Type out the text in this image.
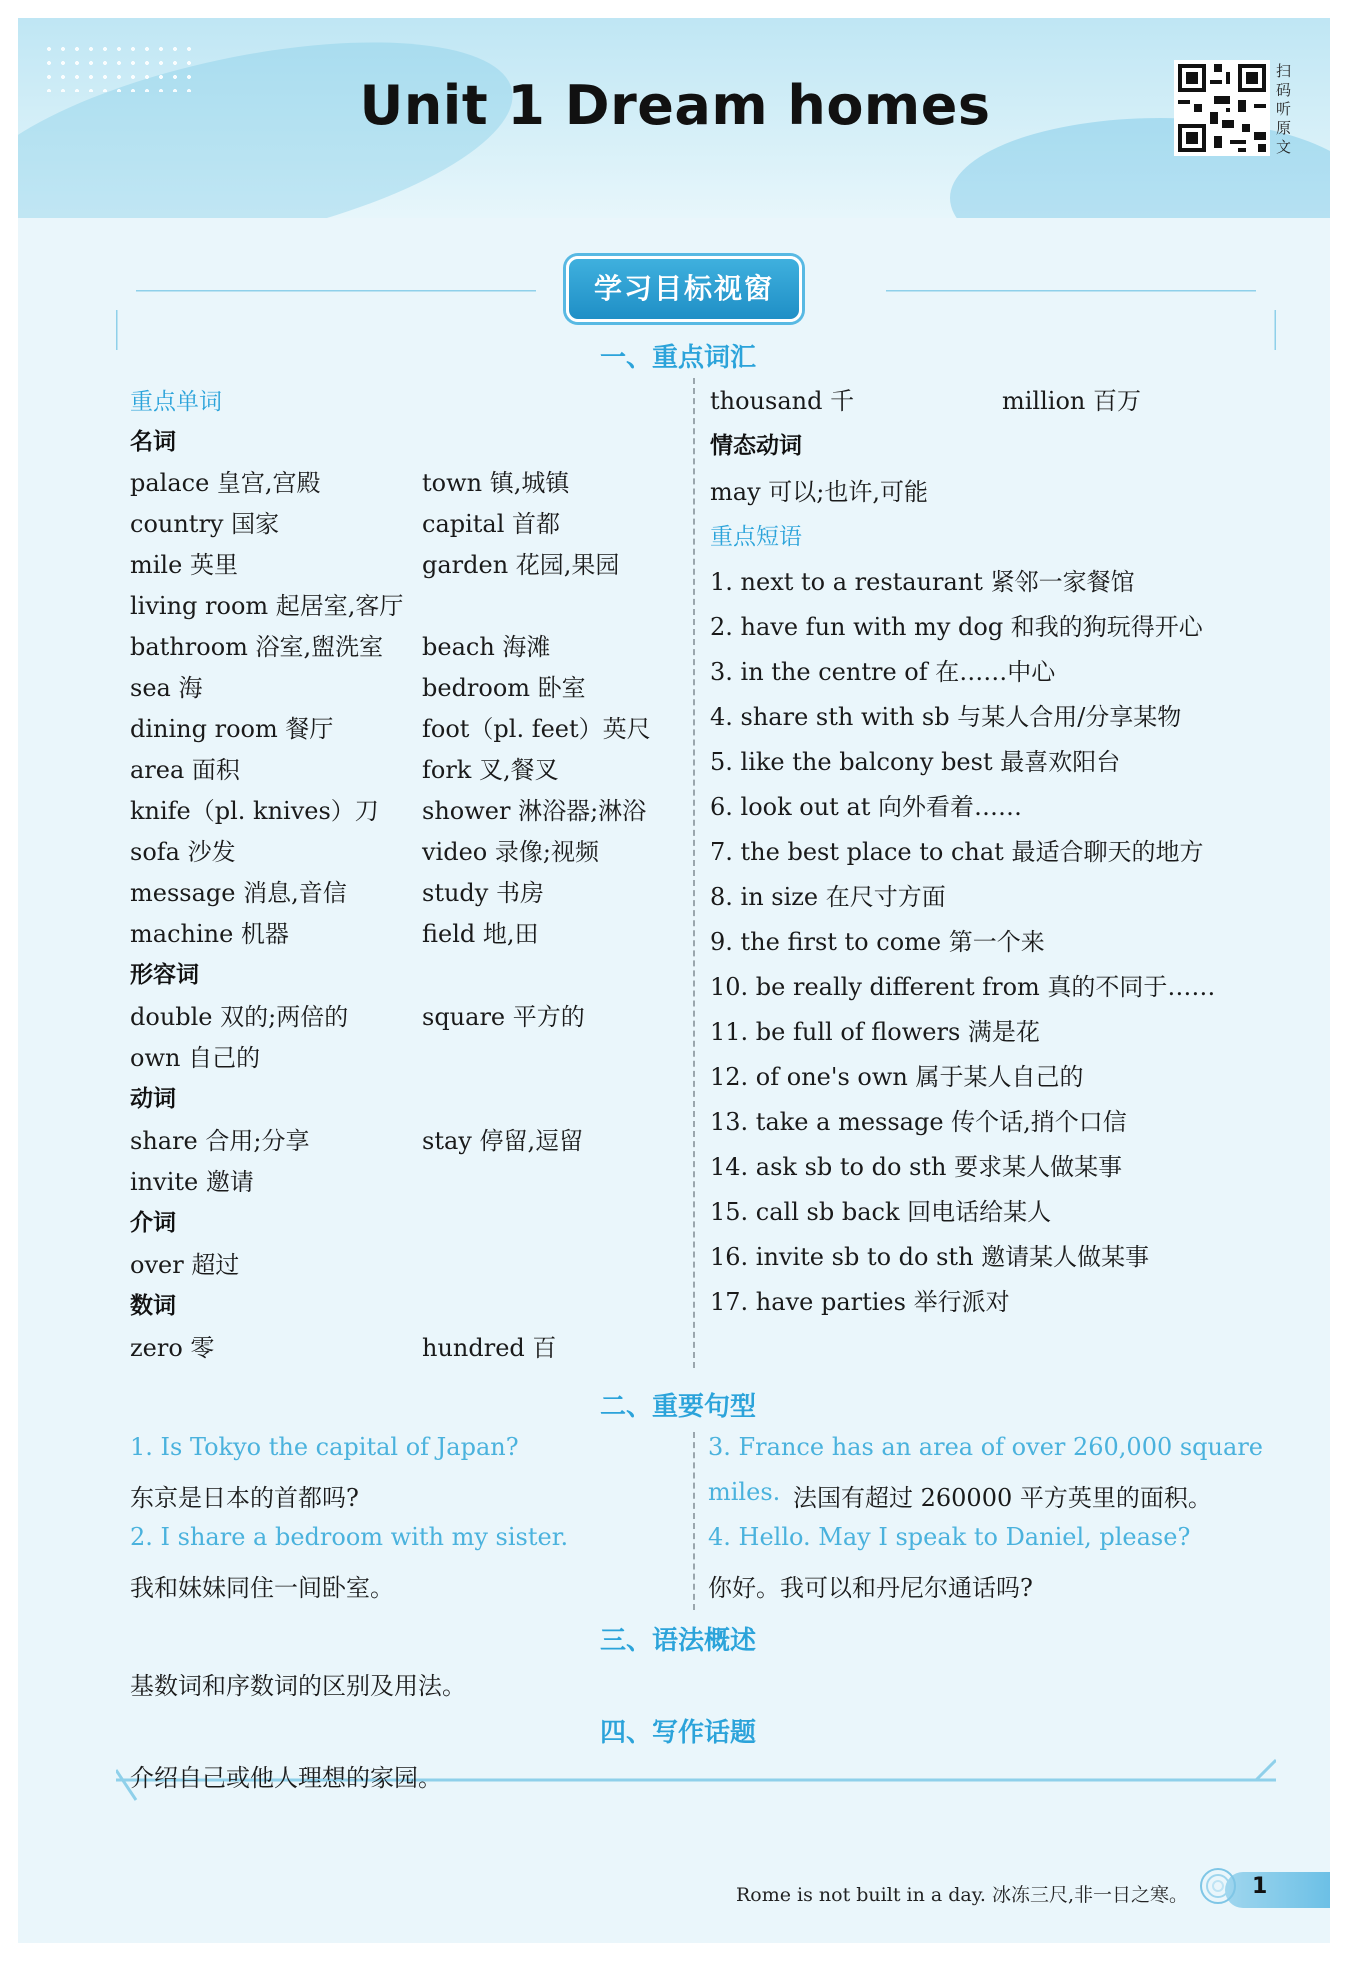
Unit 1 Dream homes
扫码听原文
学习目标视窗
一、重点词汇
重点单词
名词
palace 皇宫,宫殿	town 镇,城镇
country 国家	capital 首都
mile 英里	garden 花园,果园
living room 起居室,客厅
bathroom 浴室,盥洗室 beach 海滩
sea 海	bedroom 卧室
dining room 餐厅	foot（pl. feet）英尺
area 面积	fork 叉,餐叉
knife（pl. knives）刀 shower 淋浴器;淋浴
sofa 沙发	video 录像;视频
message 消息,音信	study 书房
machine 机器	field 地,田
形容词
double 双的;两倍的	square 平方的
own 自己的
动词
share 合用;分享	stay 停留,逗留
invite 邀请
介词
over 超过
数词
zero 零	hundred 百
thousand 千	million 百万
情态动词
may 可以;也许,可能
重点短语
1. next to a restaurant 紧邻一家餐馆
2. have fun with my dog 和我的狗玩得开心
3. in the centre of 在……中心
4. share sth with sb 与某人合用/分享某物
5. like the balcony best 最喜欢阳台
6. look out at 向外看着……
7. the best place to chat 最适合聊天的地方
8. in size 在尺寸方面
9. the first to come 第一个来
10. be really different from 真的不同于……
11. be full of flowers 满是花
12. of one's own 属于某人自己的
13. take a message 传个话,捎个口信
14. ask sb to do sth 要求某人做某事
15. call sb back 回电话给某人
16. invite sb to do sth 邀请某人做某事
17. have parties 举行派对
二、重要句型
1. Is Tokyo the capital of Japan?
东京是日本的首都吗?
2. I share a bedroom with my sister.
我和妹妹同住一间卧室。
3. France has an area of over 260,000 square
miles. 法国有超过 260000 平方英里的面积。
4. Hello. May I speak to Daniel, please?
你好。我可以和丹尼尔通话吗?
三、语法概述
基数词和序数词的区别及用法。
四、写作话题
介绍自己或他人理想的家园。
Rome is not built in a day. 冰冻三尺,非一日之寒。	1
